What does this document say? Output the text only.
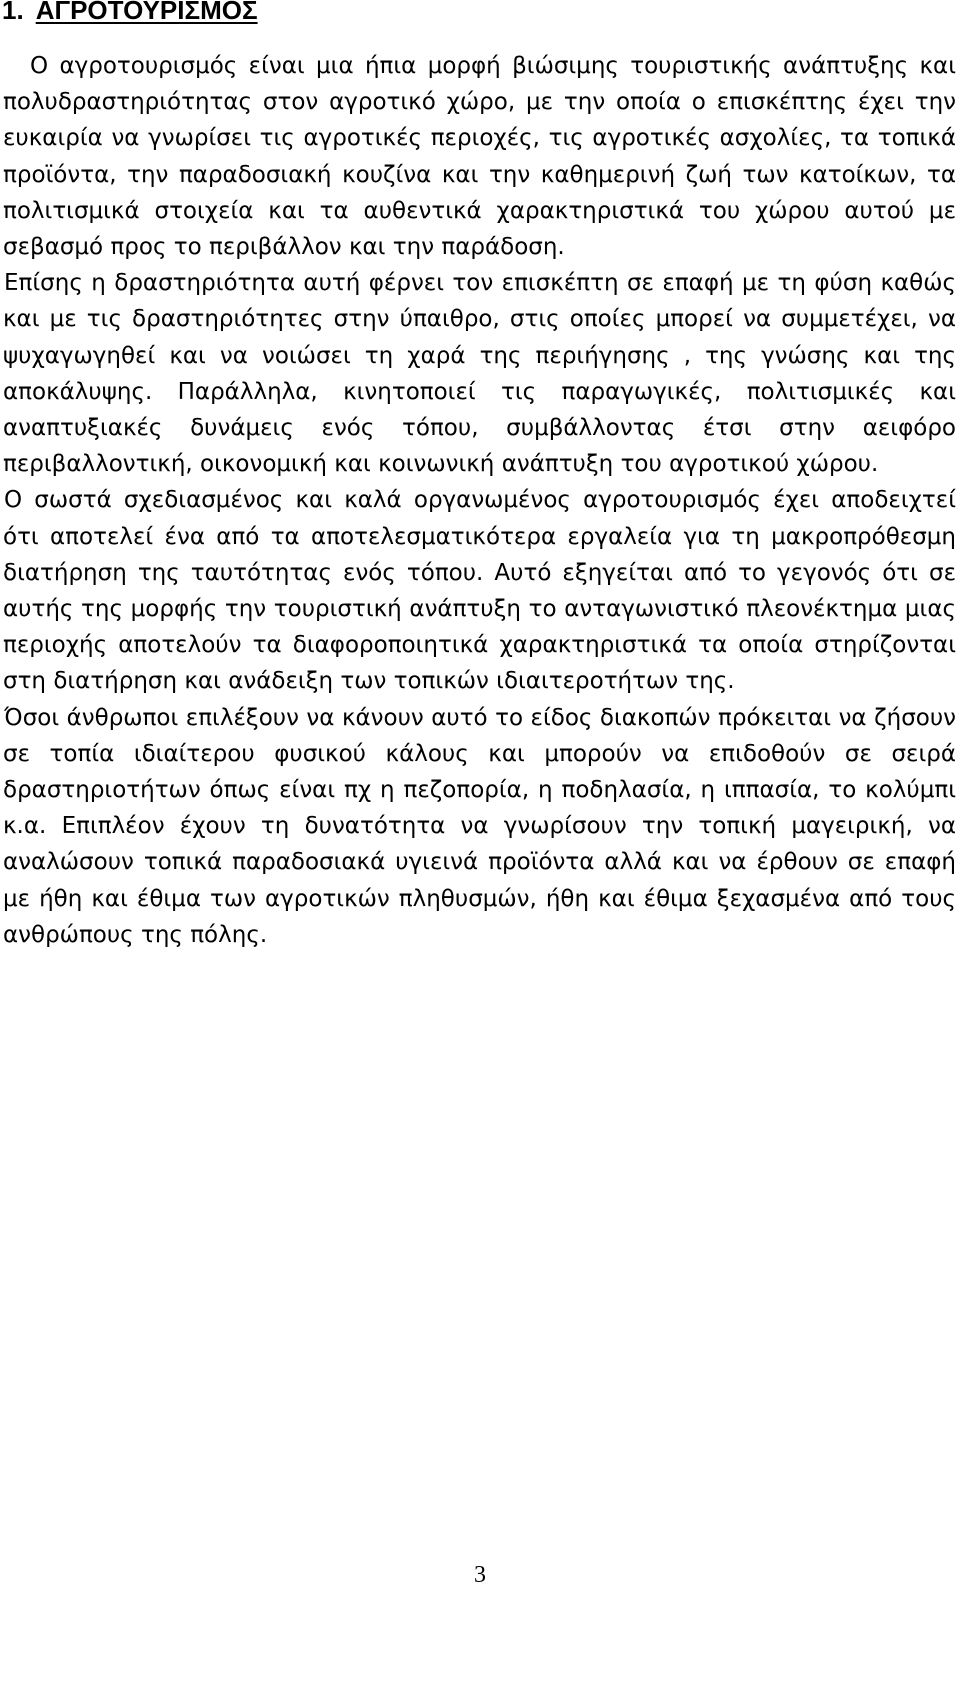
1. ΑΓΡΟΤΟΥΡΙΣΜΟΣ

Ο αγροτουρισμός είναι μια ήπια μορφή βιώσιμης τουριστικής ανάπτυξης και πολυδραστηριότητας στον αγροτικό χώρο, με την οποία ο επισκέπτης έχει την ευκαιρία να γνωρίσει τις αγροτικές περιοχές, τις αγροτικές ασχολίες, τα τοπικά προϊόντα, την παραδοσιακή κουζίνα και την καθημερινή ζωή των κατοίκων, τα πολιτισμικά στοιχεία και τα αυθεντικά χαρακτηριστικά του χώρου αυτού με σεβασμό προς το περιβάλλον και την παράδοση.

Επίσης η δραστηριότητα αυτή φέρνει τον επισκέπτη σε επαφή με τη φύση καθώς και με τις δραστηριότητες στην ύπαιθρο, στις οποίες μπορεί να συμμετέχει, να ψυχαγωγηθεί και να νοιώσει τη χαρά της περιήγησης , της γνώσης και της αποκάλυψης. Παράλληλα, κινητοποιεί τις παραγωγικές, πολιτισμικές και αναπτυξιακές δυνάμεις ενός τόπου, συμβάλλοντας έτσι στην αειφόρο περιβαλλοντική, οικονομική και κοινωνική ανάπτυξη του αγροτικού χώρου.

Ο σωστά σχεδιασμένος και καλά οργανωμένος αγροτουρισμός έχει αποδειχτεί ότι αποτελεί ένα από τα αποτελεσματικότερα εργαλεία για τη μακροπρόθεσμη διατήρηση της ταυτότητας ενός τόπου. Αυτό εξηγείται από το γεγονός ότι σε αυτής της μορφής την τουριστική ανάπτυξη το ανταγωνιστικό πλεονέκτημα μιας περιοχής αποτελούν τα διαφοροποιητικά χαρακτηριστικά τα οποία στηρίζονται στη διατήρηση και ανάδειξη των τοπικών ιδιαιτεροτήτων της.

Όσοι άνθρωποι επιλέξουν να κάνουν αυτό το είδος διακοπών πρόκειται να ζήσουν σε τοπία ιδιαίτερου φυσικού κάλους και μπορούν να επιδοθούν σε σειρά δραστηριοτήτων όπως είναι πχ η πεζοπορία, η ποδηλασία, η ιππασία, το κολύμπι κ.α. Επιπλέον έχουν τη δυνατότητα να γνωρίσουν την τοπική μαγειρική, να αναλώσουν τοπικά παραδοσιακά υγιεινά προϊόντα αλλά και να έρθουν σε επαφή με ήθη και έθιμα των αγροτικών πληθυσμών, ήθη και έθιμα ξεχασμένα από τους ανθρώπους της πόλης.

3
